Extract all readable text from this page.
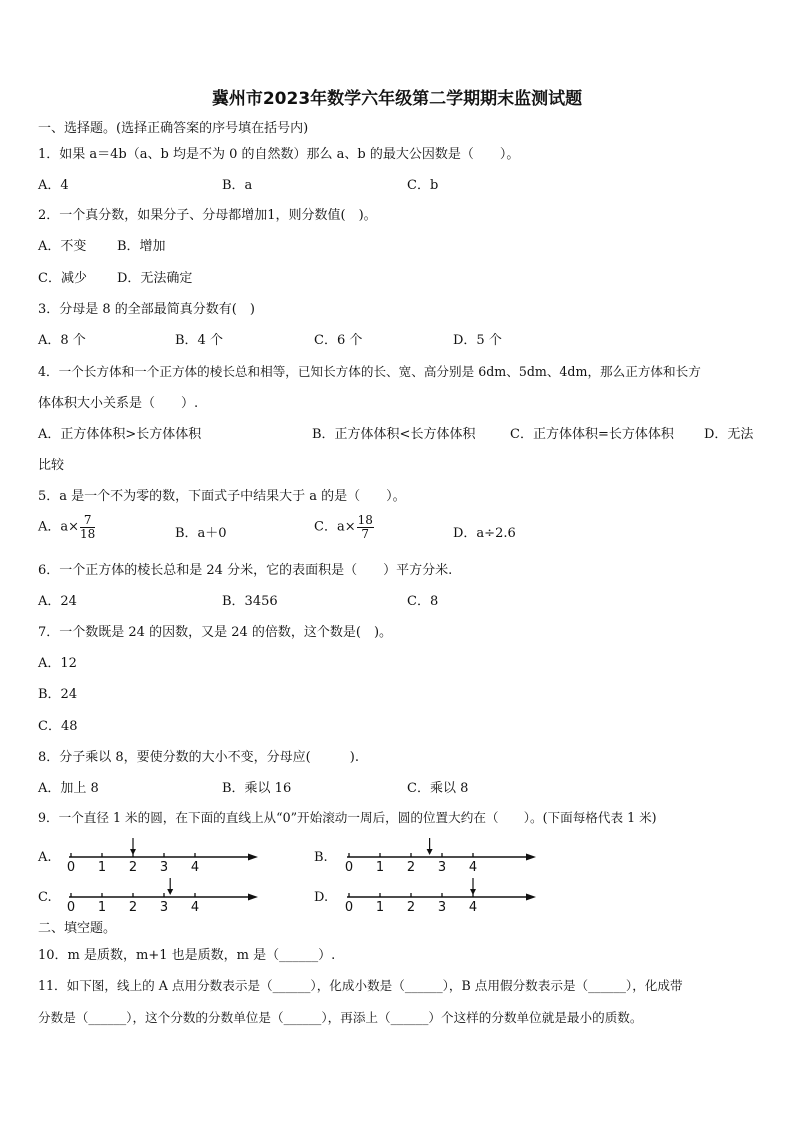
冀州市2023年数学六年级第二学期期末监测试题
一、选择题。(选择正确答案的序号填在括号内)
1．如果 a＝4b（a、b 均是不为 0 的自然数）那么 a、b 的最大公因数是（　　）。
A．4	B．a	C．b
2．一个真分数，如果分子、分母都增加1，则分数值(　)。
A．不变 B．增加
C．减少 D．无法确定
3．分母是 8 的全部最简真分数有(　)
A．8 个	B．4 个	C．6 个	D．5 个
4．一个长方体和一个正方体的棱长总和相等，已知长方体的长、宽、高分别是 6dm、5dm、4dm，那么正方体和长方
体体积大小关系是（　　）.
A．正方体体积>长方体体积	B．正方体体积<长方体体积	C．正方体体积=长方体体积 D．无法
比较
5．a 是一个不为零的数，下面式子中结果大于 a 的是（　　）。
A．$a\times \frac{7}{18}$	B．a＋0	C．$a\times \frac{18}{7}$	D．a÷2.6
6．一个正方体的棱长总和是 24 分米，它的表面积是（　　）平方分米.
A．24	B．3456	C．8
7．一个数既是 24 的因数，又是 24 的倍数，这个数是(　)。
A．12
B．24
C．48
8．分子乘以 8，要使分数的大小不变，分母应(　　　).
A．加上 8	B．乘以 16	C．乘以 8
9．一个直径 1 米的圆，在下面的直线上从“0”开始滚动一周后，圆的位置大约在（　　）。(下面每格代表 1 米)
A.
0 1 2 3 4
B.
0 1 2 3 4
C.
0 1 2 3 4
D.
0 1 2 3 4
二、填空题。
10．m 是质数，m+1 也是质数，m 是（______）.
11．如下图，线上的 A 点用分数表示是（______），化成小数是（______），B 点用假分数表示是（______），化成带
分数是（______），这个分数的分数单位是（______），再添上（______）个这样的分数单位就是最小的质数。
